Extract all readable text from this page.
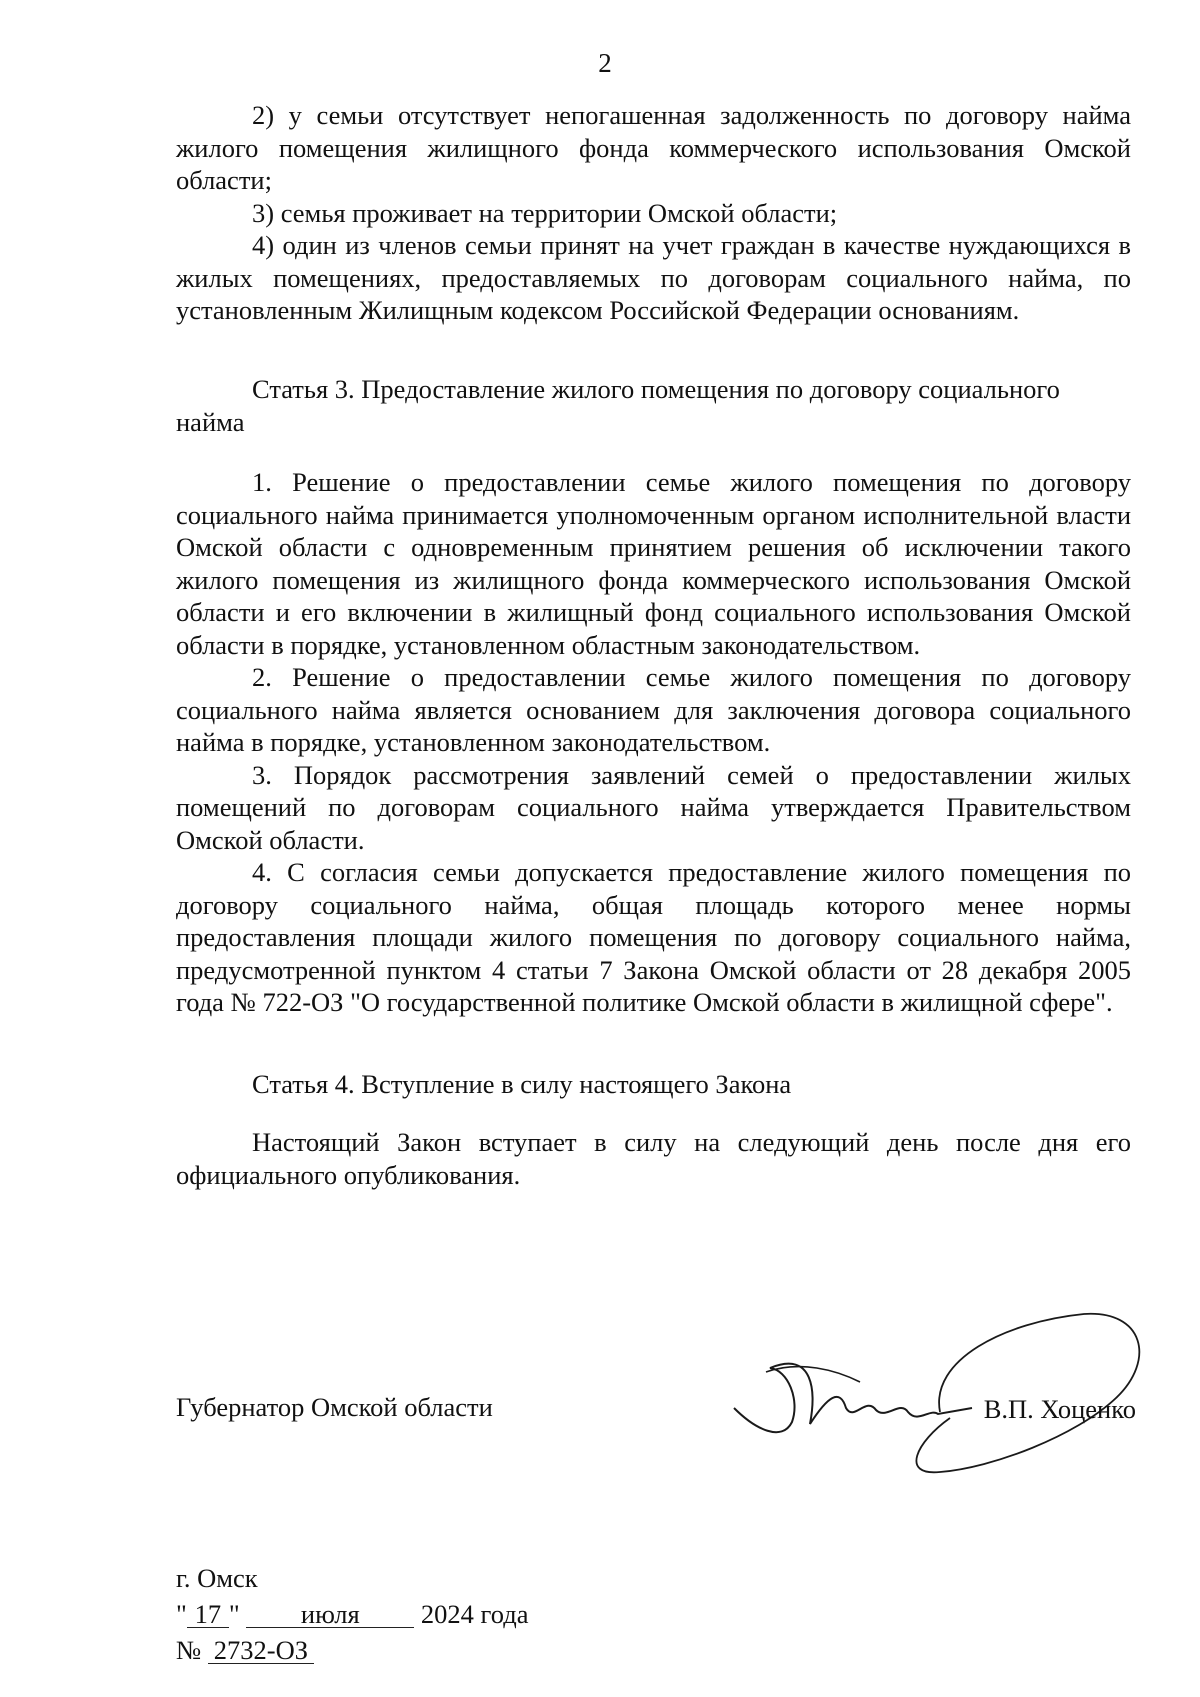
2

2) у семьи отсутствует непогашенная задолженность по договору найма жилого помещения жилищного фонда коммерческого использования Омской области;

3) семья проживает на территории Омской области;

4) один из членов семьи принят на учет граждан в качестве нуждающихся в жилых помещениях, предоставляемых по договорам социального найма, по установленным Жилищным кодексом Российской Федерации основаниям.

Статья 3. Предоставление жилого помещения по договору социального найма

1. Решение о предоставлении семье жилого помещения по договору социального найма принимается уполномоченным органом исполнительной власти Омской области с одновременным принятием решения об исключении такого жилого помещения из жилищного фонда коммерческого использования Омской области и его включении в жилищный фонд социального использования Омской области в порядке, установленном областным законодательством.

2. Решение о предоставлении семье жилого помещения по договору социального найма является основанием для заключения договора социального найма в порядке, установленном законодательством.

3. Порядок рассмотрения заявлений семей о предоставлении жилых помещений по договорам социального найма утверждается Правительством Омской области.

4. С согласия семьи допускается предоставление жилого помещения по договору социального найма, общая площадь которого менее нормы предоставления площади жилого помещения по договору социального найма, предусмотренной пунктом 4 статьи 7 Закона Омской области от 28 декабря 2005 года № 722-ОЗ "О государственной политике Омской области в жилищной сфере".

Статья 4. Вступление в силу настоящего Закона

Настоящий Закон вступает в силу на следующий день после дня его официального опубликования.

Губернатор Омской области	В.П. Хоценко
г. Омск
" 17 " июля 2024 года
№ 2732-ОЗ
